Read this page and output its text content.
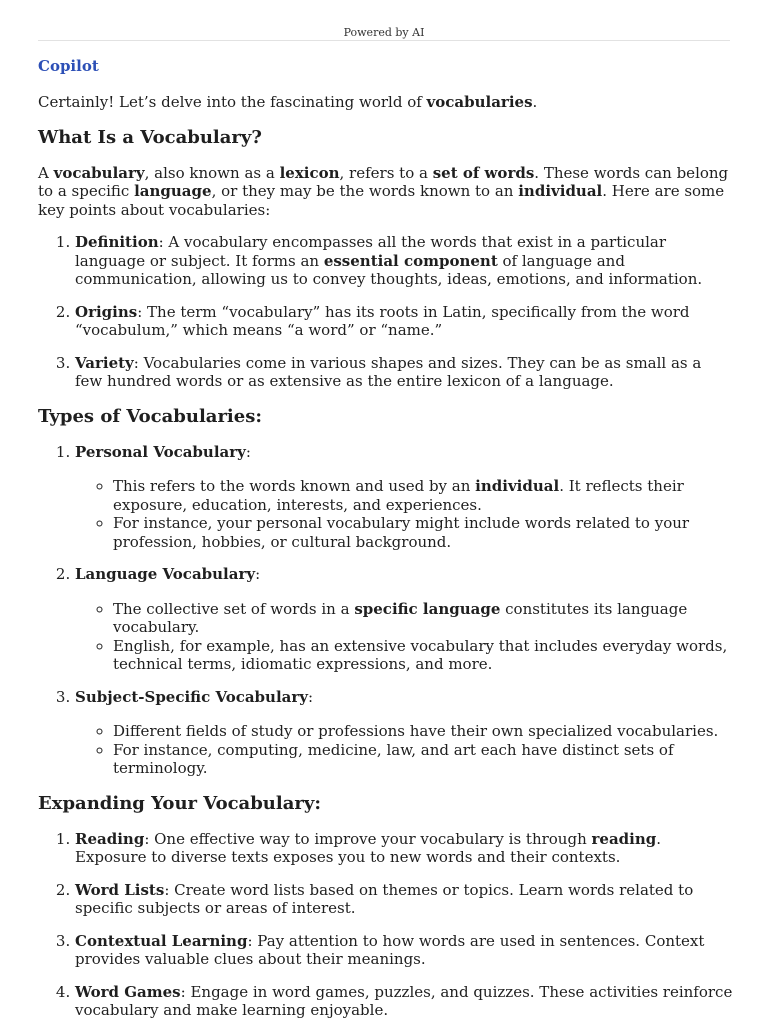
Powered by AI
Copilot

Certainly! Let’s delve into the fascinating world of vocabularies.

What Is a Vocabulary?

A vocabulary, also known as a lexicon, refers to a set of words. These words can belong to a specific language, or they may be the words known to an individual. Here are some key points about vocabularies:

1. Definition: A vocabulary encompasses all the words that exist in a particular language or subject. It forms an essential component of language and communication, allowing us to convey thoughts, ideas, emotions, and information.
2. Origins: The term “vocabulary” has its roots in Latin, specifically from the word “vocabulum,” which means “a word” or “name.”
3. Variety: Vocabularies come in various shapes and sizes. They can be as small as a few hundred words or as extensive as the entire lexicon of a language.
Types of Vocabularies:
1. Personal Vocabulary:
◦ This refers to the words known and used by an individual. It reflects their exposure, education, interests, and experiences.
◦ For instance, your personal vocabulary might include words related to your profession, hobbies, or cultural background.
2. Language Vocabulary:
◦ The collective set of words in a specific language constitutes its language vocabulary.
◦ English, for example, has an extensive vocabulary that includes everyday words, technical terms, idiomatic expressions, and more.
3. Subject-Specific Vocabulary:
◦ Different fields of study or professions have their own specialized vocabularies.
◦ For instance, computing, medicine, law, and art each have distinct sets of terminology.
Expanding Your Vocabulary:
1. Reading: One effective way to improve your vocabulary is through reading. Exposure to diverse texts exposes you to new words and their contexts.
2. Word Lists: Create word lists based on themes or topics. Learn words related to specific subjects or areas of interest.
3. Contextual Learning: Pay attention to how words are used in sentences. Context provides valuable clues about their meanings.
4. Word Games: Engage in word games, puzzles, and quizzes. These activities reinforce vocabulary and make learning enjoyable.
